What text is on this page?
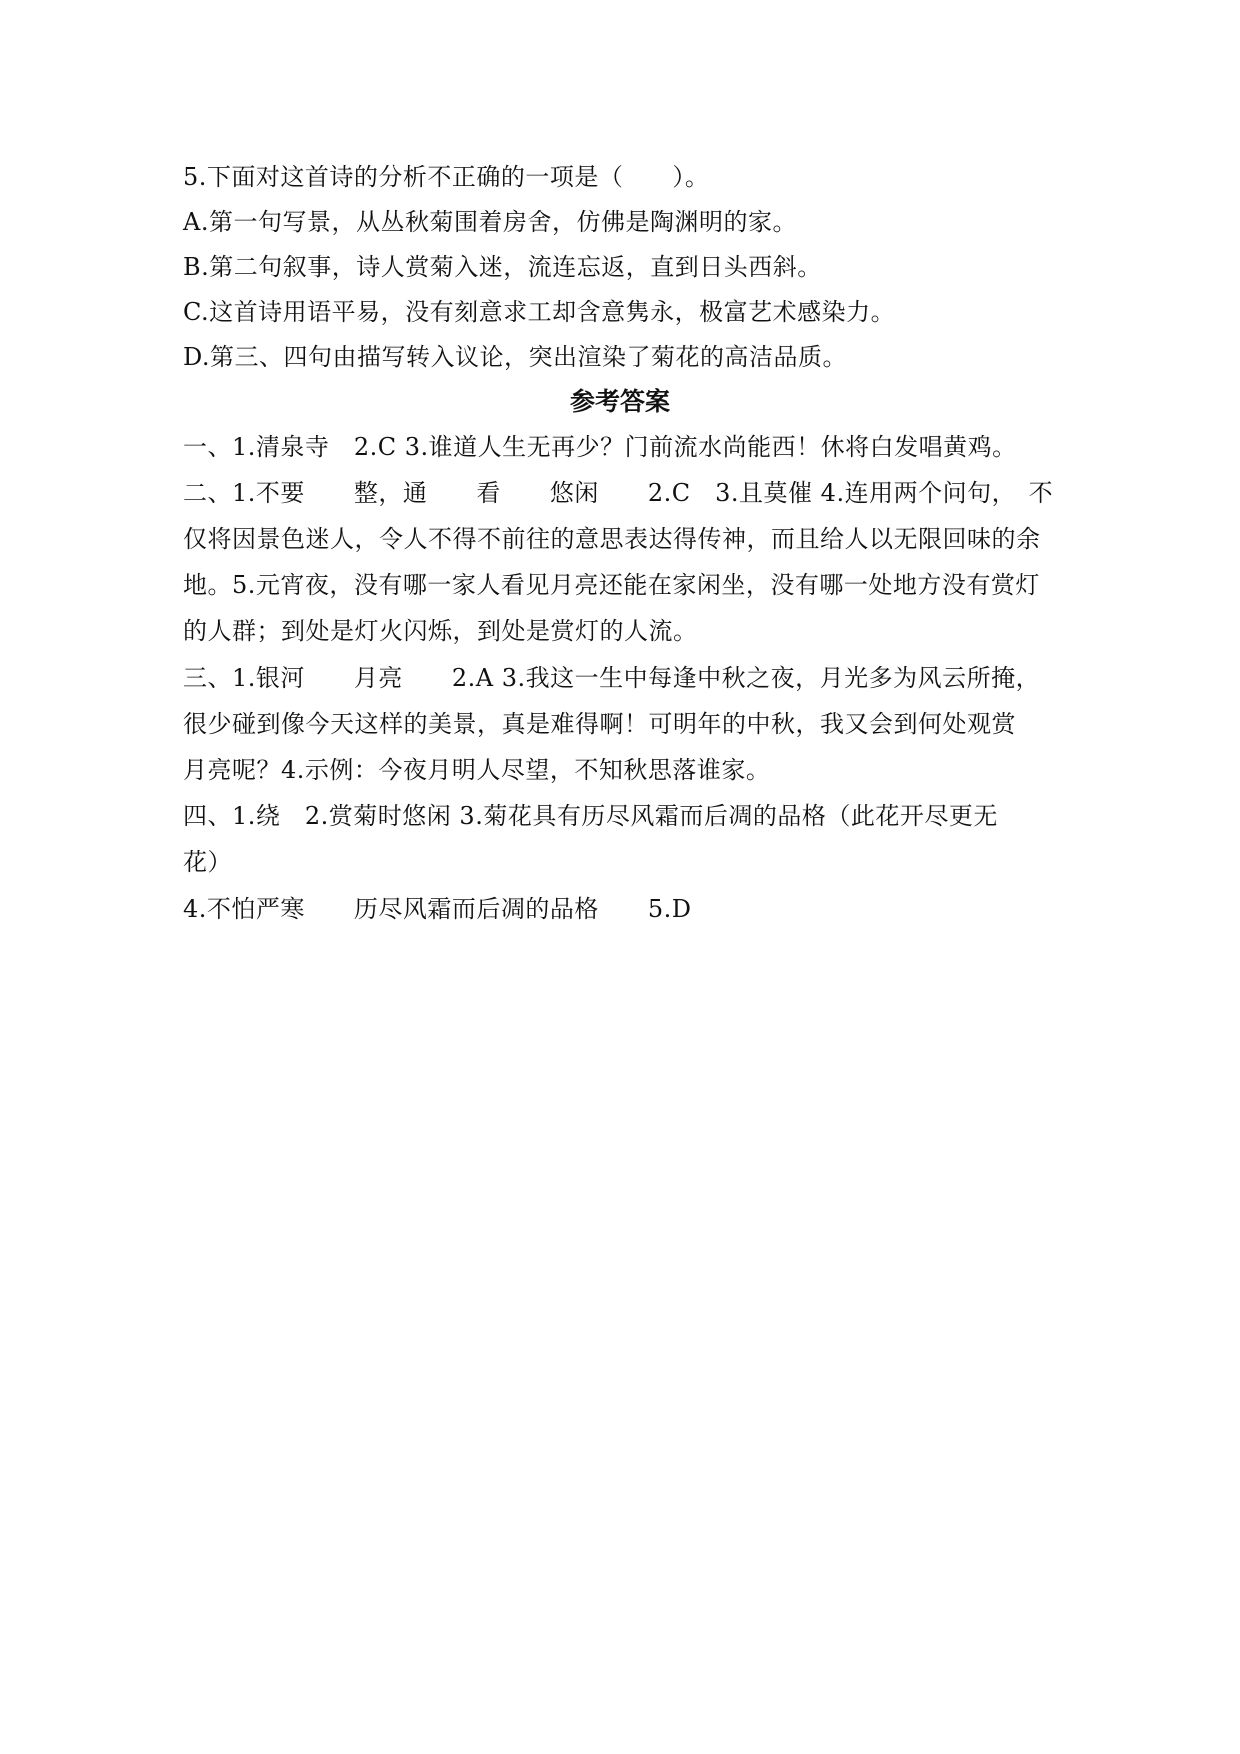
5.下面对这首诗的分析不正确的一项是（　　）。
A.第一句写景，从丛秋菊围着房舍，仿佛是陶渊明的家。
B.第二句叙事，诗人赏菊入迷，流连忘返，直到日头西斜。
C.这首诗用语平易，没有刻意求工却含意隽永，极富艺术感染力。
D.第三、四句由描写转入议论，突出渲染了菊花的高洁品质。
参考答案
一、1.清泉寺　2.C 3.谁道人生无再少？门前流水尚能西！休将白发唱黄鸡。
二、1.不要　　整，通　　看　　悠闲　　2.C　3.且莫催 4.连用两个问句，　不
仅将因景色迷人，令人不得不前往的意思表达得传神，而且给人以无限回味的余
地。5.元宵夜，没有哪一家人看见月亮还能在家闲坐，没有哪一处地方没有赏灯
的人群；到处是灯火闪烁，到处是赏灯的人流。
三、1.银河　　月亮　　2.A 3.我这一生中每逢中秋之夜，月光多为风云所掩，
很少碰到像今天这样的美景，真是难得啊！可明年的中秋，我又会到何处观赏
月亮呢？4.示例：今夜月明人尽望，不知秋思落谁家。
四、1.绕　2.赏菊时悠闲 3.菊花具有历尽风霜而后凋的品格（此花开尽更无
花）
4.不怕严寒　　历尽风霜而后凋的品格　　5.D
